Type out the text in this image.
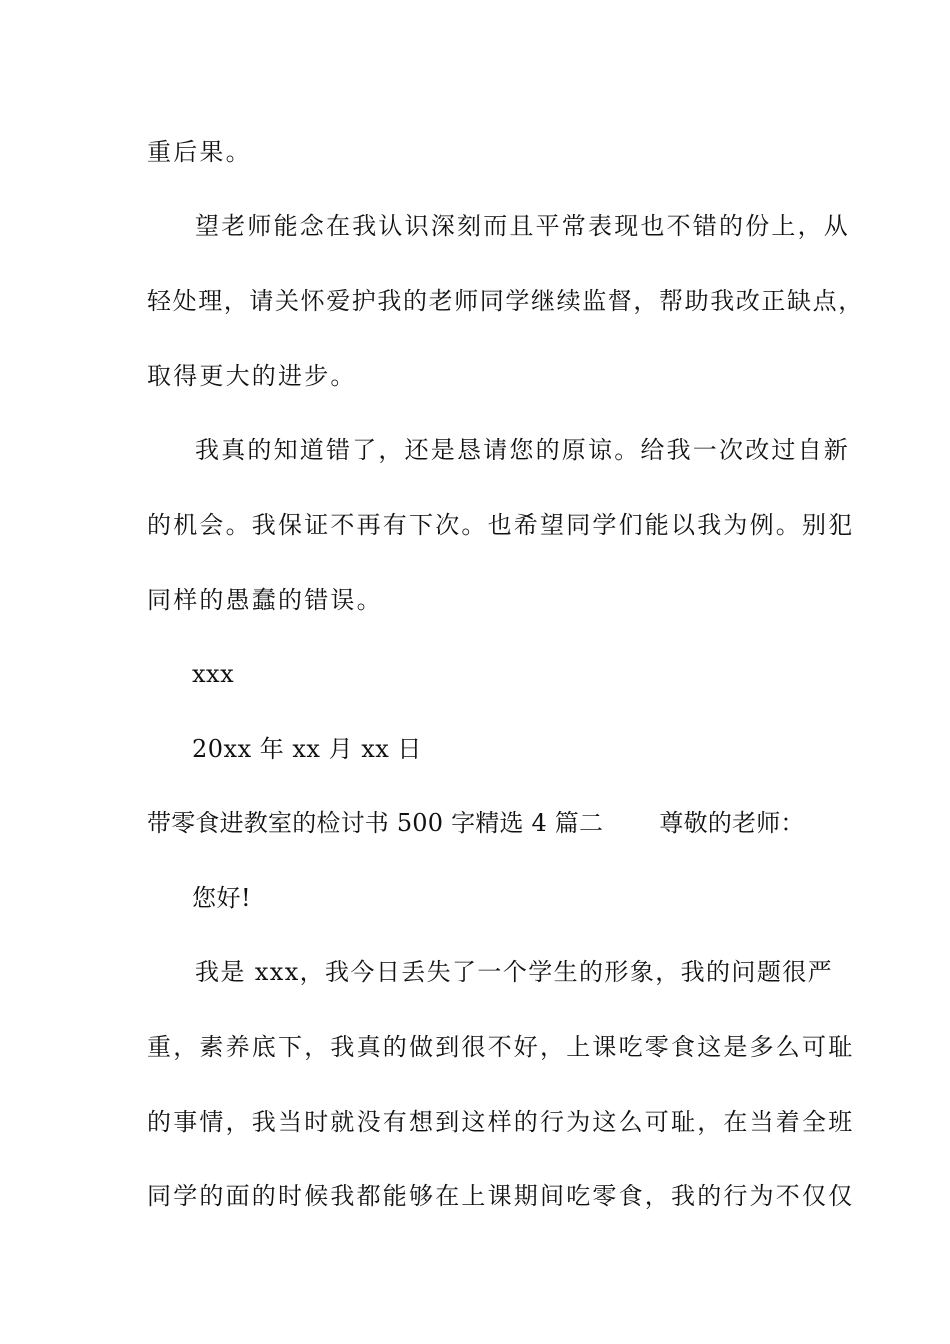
重后果。
望老师能念在我认识深刻而且平常表现也不错的份上，从
轻处理，请关怀爱护我的老师同学继续监督，帮助我改正缺点，
取得更大的进步。
我真的知道错了，还是恳请您的原谅。给我一次改过自新
的机会。我保证不再有下次。也希望同学们能以我为例。别犯
同样的愚蠢的错误。
xxx
20xx 年 xx 月 xx 日
带零食进教室的检讨书 500 字精选 4 篇二　　 尊敬的老师：
您好!
我是 xxx，我今日丢失了一个学生的形象，我的问题很严
重，素养底下，我真的做到很不好，上课吃零食这是多么可耻
的事情，我当时就没有想到这样的行为这么可耻，在当着全班
同学的面的时候我都能够在上课期间吃零食，我的行为不仅仅
